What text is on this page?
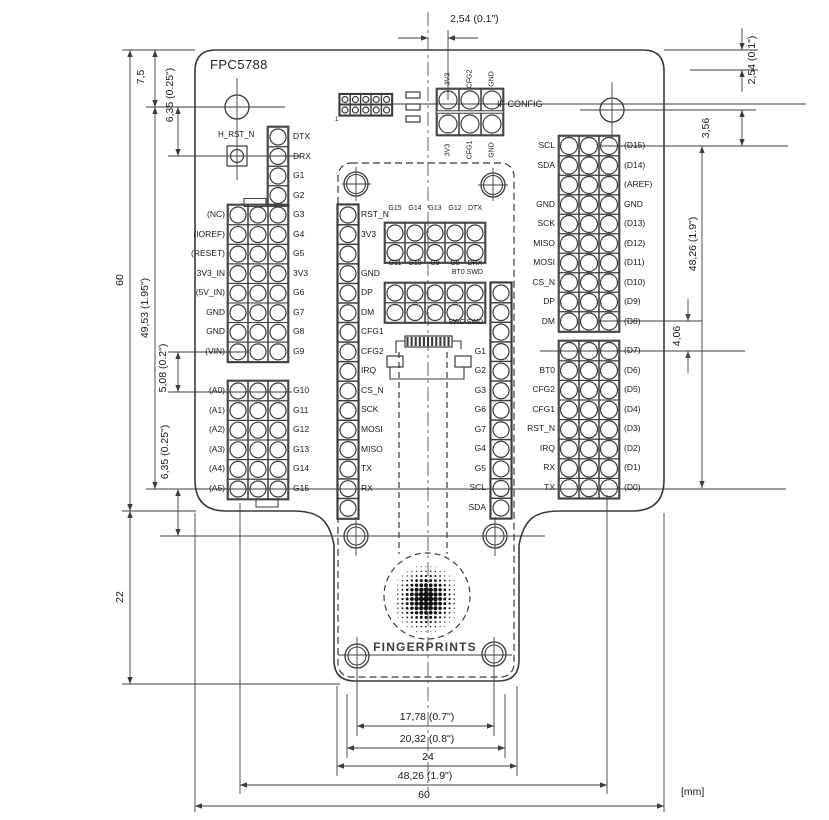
FPC5788
[mm]
FINGERPRINTS
IF CONFIG
1
3V3 CFG2 GND
3V3 CFG1 GND
H_RST_N	DTX
DRX
G1
G2
(NC)
(IOREF)
(RESET)
3V3_IN
(5V_IN)
GND
GND
(VIN)
G3
G4
G5
3V3
G6
G7
G8
G9
(A0)
(A1)
(A2)
(A3)
(A4)
(A5)
G10
G11
G12
G13
G14
G15
RST_N
3V3
GND
DP
DM
CFG1
CFG2
IRQ
CS_N
SCK
MOSI
MISO
TX
RX
G1
G2
G3
G6
G7
G4
G5
SCL
SDA
G15 G14 G13 G12 DTX
G11	G10	G9	G8	DRX
BT0 SWD
SWC SWD
SCL
SDA
GND
SCK
MISO
MOSI
CS_N
DP
DM
(D15)
(D14)
(AREF)
GND
(D13)
(D12)
(D11)
(D10)
(D9)
(D8)
BT0
CFG2
CFG1
RST_N
IRQ
RX
TX
(D7)
(D6)
(D5)
(D4)
(D3)
(D2)
(D1)
(D0)
2,54 (0.1")
2,54 (0.1")
3,56
48,26 (1.9")
4,06
7,5 6,35 (0.25")
60 49,53 (1.95")
5,08 (0.2")
6,35 (0.25")
22
17,78 (0.7")
20,32 (0.8")
24
48,26 (1.9")
60
